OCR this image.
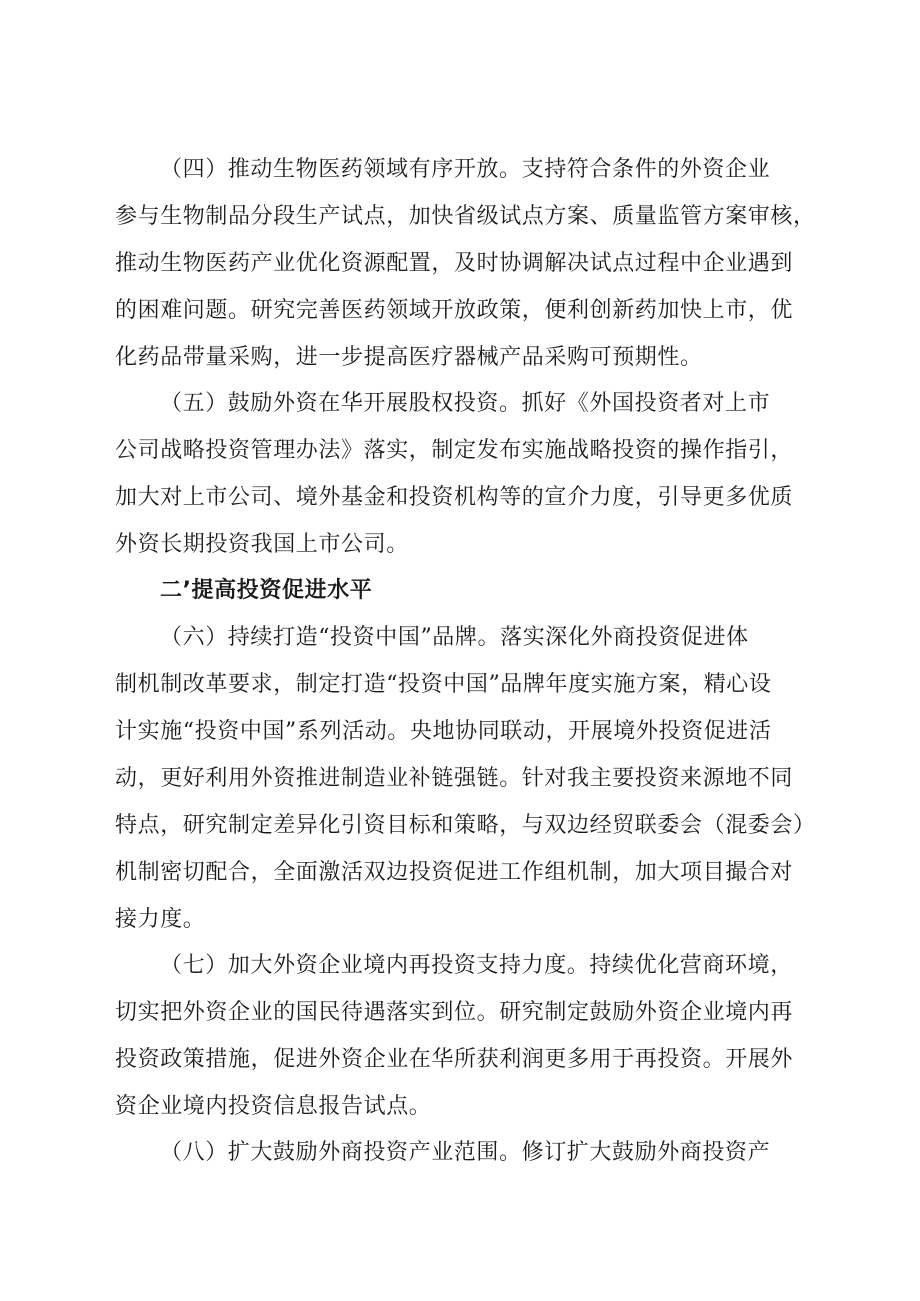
（四）推动生物医药领域有序开放。支持符合条件的外资企业
参与生物制品分段生产试点，加快省级试点方案、质量监管方案审核，
推动生物医药产业优化资源配置，及时协调解决试点过程中企业遇到
的困难问题。研究完善医药领域开放政策，便利创新药加快上市，优
化药品带量采购，进一步提高医疗器械产品采购可预期性。
（五）鼓励外资在华开展股权投资。抓好《外国投资者对上市
公司战略投资管理办法》落实，制定发布实施战略投资的操作指引，
加大对上市公司、境外基金和投资机构等的宣介力度，引导更多优质
外资长期投资我国上市公司。
二’提高投资促进水平
（六）持续打造“投资中国”品牌。落实深化外商投资促进体
制机制改革要求，制定打造“投资中国”品牌年度实施方案，精心设
计实施“投资中国”系列活动。央地协同联动，开展境外投资促进活
动，更好利用外资推进制造业补链强链。针对我主要投资来源地不同
特点，研究制定差异化引资目标和策略，与双边经贸联委会（混委会）
机制密切配合，全面激活双边投资促进工作组机制，加大项目撮合对
接力度。
（七）加大外资企业境内再投资支持力度。持续优化营商环境，
切实把外资企业的国民待遇落实到位。研究制定鼓励外资企业境内再
投资政策措施，促进外资企业在华所获利润更多用于再投资。开展外
资企业境内投资信息报告试点。
（八）扩大鼓励外商投资产业范围。修订扩大鼓励外商投资产
